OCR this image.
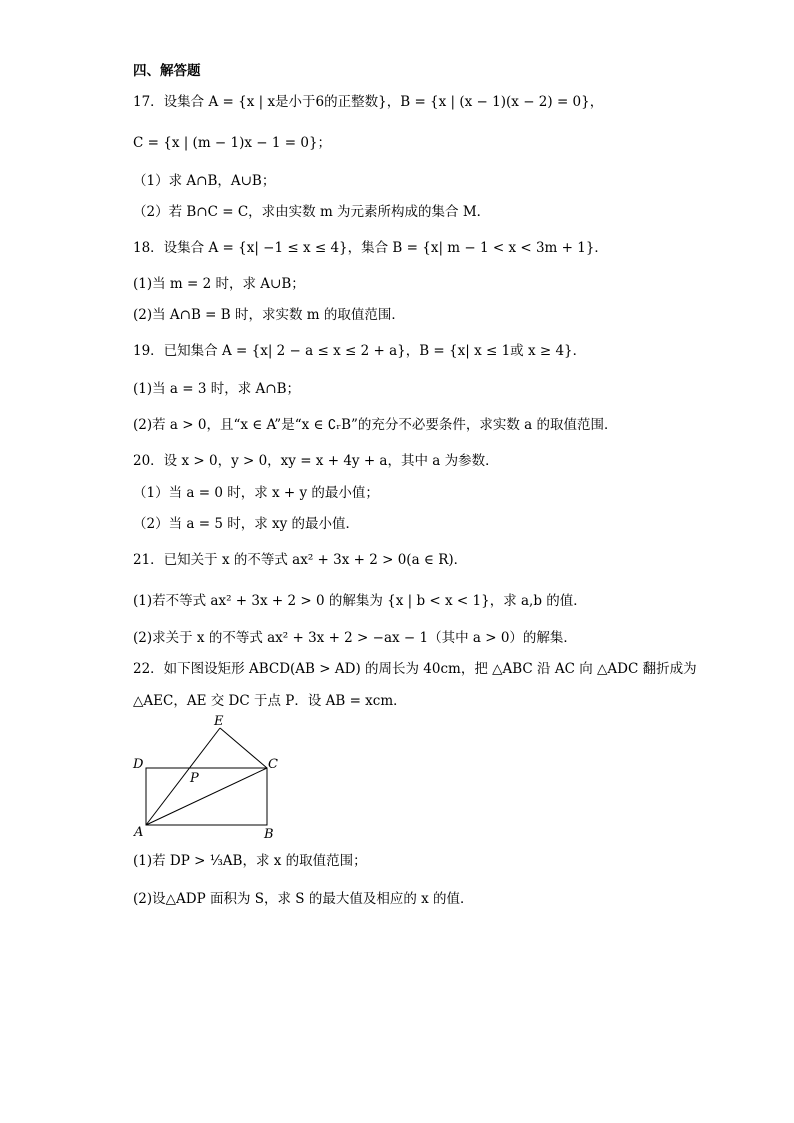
四、解答题
17．设集合 A = {x | x是小于6的正整数}，B = {x | (x − 1)(x − 2) = 0}，
C = {x | (m − 1)x − 1 = 0}；
（1）求 A∩B，A∪B；
（2）若 B∩C = C，求由实数 m 为元素所构成的集合 M．
18．设集合 A = {x| −1 ≤ x ≤ 4}，集合 B = {x| m − 1 < x < 3m + 1}．
(1)当 m = 2 时，求 A∪B；
(2)当 A∩B = B 时，求实数 m 的取值范围．
19．已知集合 A = {x| 2 − a ≤ x ≤ 2 + a}，B = {x| x ≤ 1或 x ≥ 4}．
(1)当 a = 3 时，求 A∩B；
(2)若 a > 0，且“x ∈ A”是“x ∈ ∁ᵣB”的充分不必要条件，求实数 a 的取值范围．
20．设 x > 0，y > 0，xy = x + 4y + a，其中 a 为参数．
（1）当 a = 0 时，求 x + y 的最小值；
（2）当 a = 5 时，求 xy 的最小值．
21．已知关于 x 的不等式 ax² + 3x + 2 > 0(a ∈ R)．
(1)若不等式 ax² + 3x + 2 > 0 的解集为 {x | b < x < 1}，求 a,b 的值．
(2)求关于 x 的不等式 ax² + 3x + 2 > −ax − 1（其中 a > 0）的解集．
22．如下图设矩形 ABCD(AB > AD) 的周长为 40cm，把 △ABC 沿 AC 向 △ADC 翻折成为
△AEC，AE 交 DC 于点 P．设 AB = xcm．
E
D
P
C
A	B
(1)若 DP > ⅓AB，求 x 的取值范围；
(2)设△ADP 面积为 S，求 S 的最大值及相应的 x 的值．
